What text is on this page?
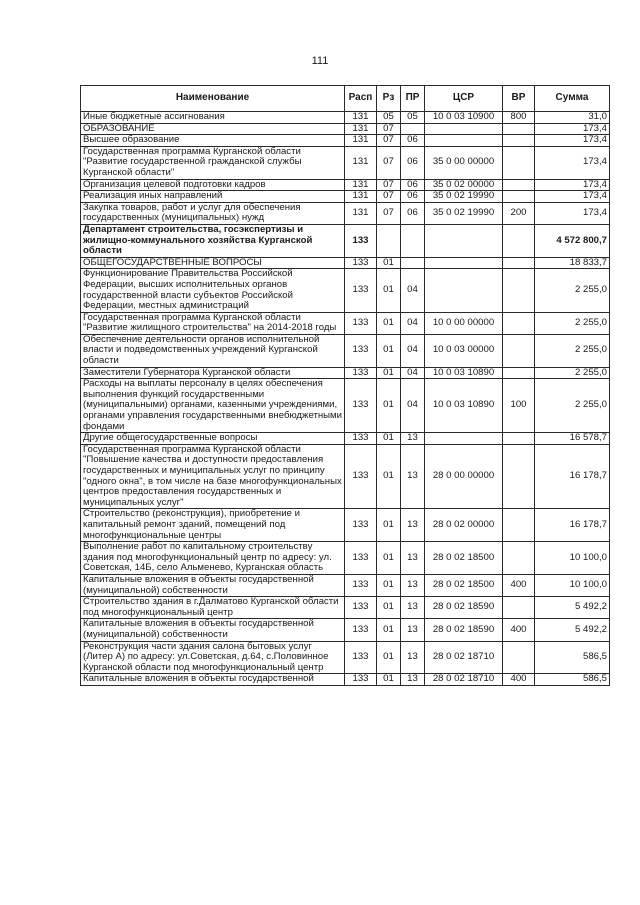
111
Наименование	Расп	Рз	ПР	ЦСР	ВР	Сумма
Иные бюджетные ассигнования	131	05	05	10 0 03 10900	800	31,0
ОБРАЗОВАНИЕ	131	07				173,4
Высшее образование	131	07	06			173,4
Государственная программа Курганской области "Развитие государственной гражданской службы Курганской области"	131	07	06	35 0 00 00000		173,4
Организация целевой подготовки кадров	131	07	06	35 0 02 00000		173,4
Реализация иных направлений	131	07	06	35 0 02 19990		173,4
Закупка товаров, работ и услуг для обеспечения государственных (муниципальных) нужд	131	07	06	35 0 02 19990	200	173,4
Департамент строительства, госэкспертизы и жилищно-коммунального хозяйства Курганской области	133					4 572 800,7
ОБЩЕГОСУДАРСТВЕННЫЕ ВОПРОСЫ	133	01				18 833,7
Функционирование Правительства Российской Федерации, высших исполнительных органов государственной власти субъектов Российской Федерации, местных администраций	133	01	04			2 255,0
Государственная программа Курганской области "Развитие жилищного строительства" на 2014-2018 годы	133	01	04	10 0 00 00000		2 255,0
Обеспечение деятельности органов исполнительной власти и подведомственных учреждений Курганской области	133	01	04	10 0 03 00000		2 255,0
Заместители Губернатора Курганской области	133	01	04	10 0 03 10890		2 255,0
Расходы на выплаты персоналу в целях обеспечения выполнения функций государственными (муниципальными) органами, казенными учреждениями, органами управления государственными внебюджетными фондами	133	01	04	10 0 03 10890	100	2 255,0
Другие общегосударственные вопросы	133	01	13			16 578,7
Государственная программа Курганской области "Повышение качества и доступности предоставления государственных и муниципальных услуг по принципу "одного окна", в том числе на базе многофункциональных центров предоставления государственных и муниципальных услуг"	133	01	13	28 0 00 00000		16 178,7
Строительство (реконструкция), приобретение и капитальный ремонт зданий, помещений под многофункциональные центры	133	01	13	28 0 02 00000		16 178,7
Выполнение работ по капитальному строительству здания под многофункциональный центр по адресу: ул. Советская, 14Б, село Альменево, Курганская область	133	01	13	28 0 02 18500		10 100,0
Капитальные вложения в объекты государственной (муниципальной) собственности	133	01	13	28 0 02 18500	400	10 100,0
Строительство здания в г.Далматово Курганской области под многофункциональный центр	133	01	13	28 0 02 18590		5 492,2
Капитальные вложения в объекты государственной (муниципальной) собственности	133	01	13	28 0 02 18590	400	5 492,2
Реконструкция части здания салона бытовых услуг (Литер А) по адресу: ул.Советская, д.64, с.Половинное Курганской области под многофункциональный центр	133	01	13	28 0 02 18710		586,5
Капитальные вложения в объекты государственной	133	01	13	28 0 02 18710	400	586,5
